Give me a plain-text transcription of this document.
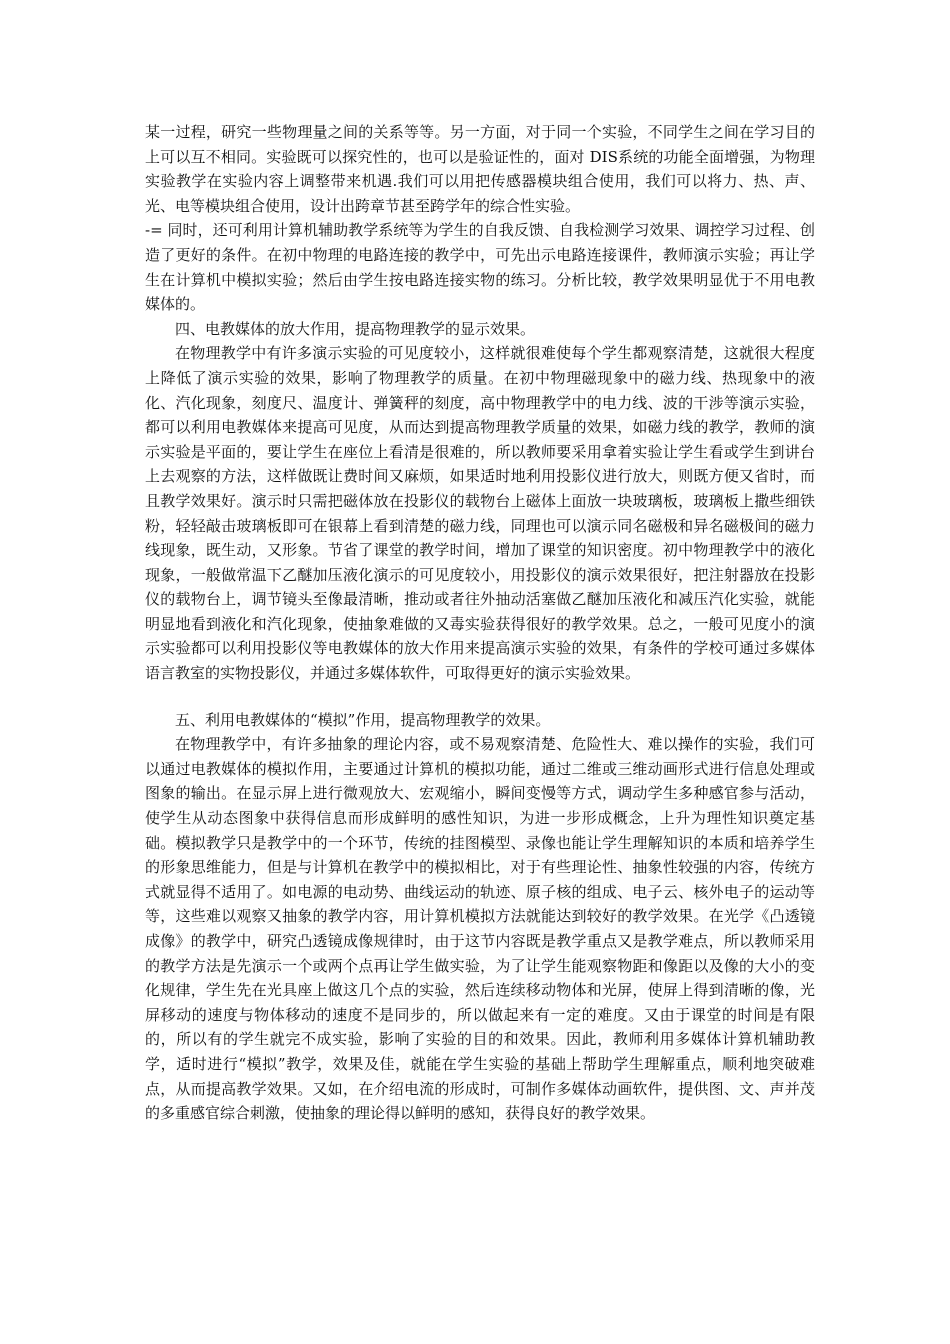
某一过程，研究一些物理量之间的关系等等。另一方面，对于同一个实验，不同学生之间在学习目的上可以互不相同。实验既可以探究性的，也可以是验证性的，面对 DIS系统的功能全面增强，为物理实验教学在实验内容上调整带来机遇.我们可以用把传感器模块组合使用，我们可以将力、热、声、光、电等模块组合使用，设计出跨章节甚至跨学年的综合性实验。

-= 同时，还可利用计算机辅助教学系统等为学生的自我反馈、自我检测学习效果、调控学习过程、创造了更好的条件。在初中物理的电路连接的教学中，可先出示电路连接课件，教师演示实验；再让学生在计算机中模拟实验；然后由学生按电路连接实物的练习。分析比较，教学效果明显优于不用电教媒体的。

四、电教媒体的放大作用，提高物理教学的显示效果。

在物理教学中有许多演示实验的可见度较小，这样就很难使每个学生都观察清楚，这就很大程度上降低了演示实验的效果，影响了物理教学的质量。在初中物理磁现象中的磁力线、热现象中的液化、汽化现象，刻度尺、温度计、弹簧秤的刻度，高中物理教学中的电力线、波的干涉等演示实验，都可以利用电教媒体来提高可见度，从而达到提高物理教学质量的效果，如磁力线的教学，教师的演示实验是平面的，要让学生在座位上看清是很难的，所以教师要采用拿着实验让学生看或学生到讲台上去观察的方法，这样做既让费时间又麻烦，如果适时地利用投影仪进行放大，则既方便又省时，而且教学效果好。演示时只需把磁体放在投影仪的载物台上磁体上面放一块玻璃板，玻璃板上撒些细铁粉，轻轻敲击玻璃板即可在银幕上看到清楚的磁力线，同理也可以演示同名磁极和异名磁极间的磁力线现象，既生动，又形象。节省了课堂的教学时间，增加了课堂的知识密度。初中物理教学中的液化现象，一般做常温下乙醚加压液化演示的可见度较小，用投影仪的演示效果很好，把注射器放在投影仪的载物台上，调节镜头至像最清晰，推动或者往外抽动活塞做乙醚加压液化和减压汽化实验，就能明显地看到液化和汽化现象，使抽象难做的又毒实验获得很好的教学效果。总之，一般可见度小的演示实验都可以利用投影仪等电教媒体的放大作用来提高演示实验的效果，有条件的学校可通过多媒体语言教室的实物投影仪，并通过多媒体软件，可取得更好的演示实验效果。

五、利用电教媒体的“模拟”作用，提高物理教学的效果。

在物理教学中，有许多抽象的理论内容，或不易观察清楚、危险性大、难以操作的实验，我们可以通过电教媒体的模拟作用，主要通过计算机的模拟功能，通过二维或三维动画形式进行信息处理或图象的输出。在显示屏上进行微观放大、宏观缩小，瞬间变慢等方式，调动学生多种感官参与活动，使学生从动态图象中获得信息而形成鲜明的感性知识，为进一步形成概念，上升为理性知识奠定基础。模拟教学只是教学中的一个环节，传统的挂图模型、录像也能让学生理解知识的本质和培养学生的形象思维能力，但是与计算机在教学中的模拟相比，对于有些理论性、抽象性较强的内容，传统方式就显得不适用了。如电源的电动势、曲线运动的轨迹、原子核的组成、电子云、核外电子的运动等等，这些难以观察又抽象的教学内容，用计算机模拟方法就能达到较好的教学效果。在光学《凸透镜成像》的教学中，研究凸透镜成像规律时，由于这节内容既是教学重点又是教学难点，所以教师采用的教学方法是先演示一个或两个点再让学生做实验，为了让学生能观察物距和像距以及像的大小的变化规律，学生先在光具座上做这几个点的实验，然后连续移动物体和光屏，使屏上得到清晰的像，光屏移动的速度与物体移动的速度不是同步的，所以做起来有一定的难度。又由于课堂的时间是有限的，所以有的学生就完不成实验，影响了实验的目的和效果。因此，教师利用多媒体计算机辅助教学，适时进行“模拟”教学，效果及佳，就能在学生实验的基础上帮助学生理解重点，顺利地突破难点，从而提高教学效果。又如，在介绍电流的形成时，可制作多媒体动画软件，提供图、文、声并茂的多重感官综合刺激，使抽象的理论得以鲜明的感知，获得良好的教学效果。
